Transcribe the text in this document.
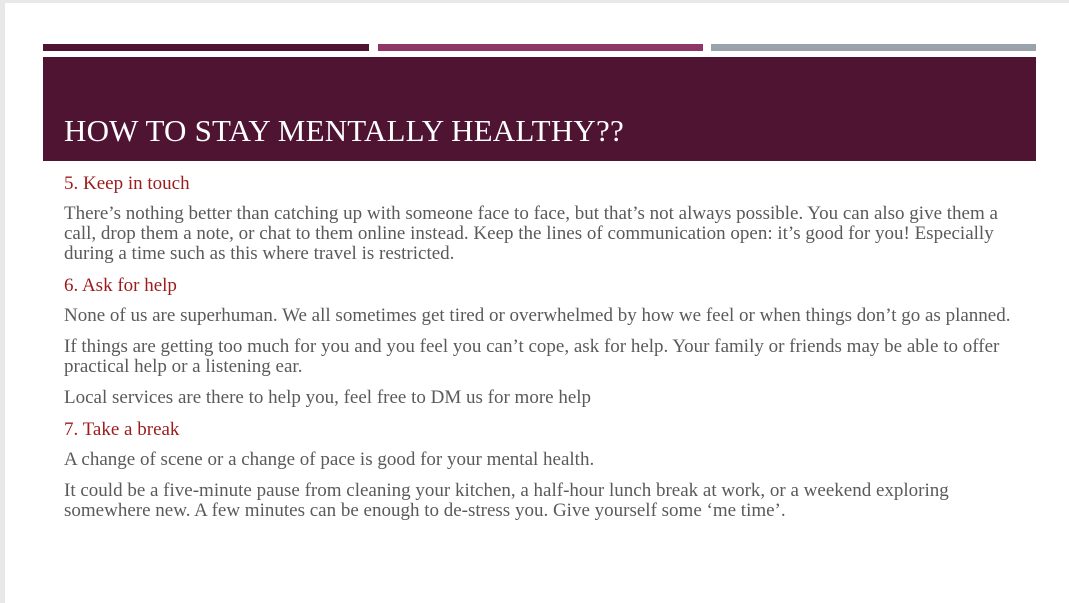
HOW TO STAY MENTALLY HEALTHY??
5. Keep in touch

There’s nothing better than catching up with someone face to face, but that’s not always possible. You can also give them a call, drop them a note, or chat to them online instead. Keep the lines of communication open: it’s good for you! Especially during a time such as this where travel is restricted.

6. Ask for help

None of us are superhuman. We all sometimes get tired or overwhelmed by how we feel or when things don’t go as planned.

If things are getting too much for you and you feel you can’t cope, ask for help. Your family or friends may be able to offer practical help or a listening ear.

Local services are there to help you, feel free to DM us for more help

7. Take a break

A change of scene or a change of pace is good for your mental health.

It could be a five-minute pause from cleaning your kitchen, a half-hour lunch break at work, or a weekend exploring somewhere new. A few minutes can be enough to de-stress you. Give yourself some ‘me time’.
